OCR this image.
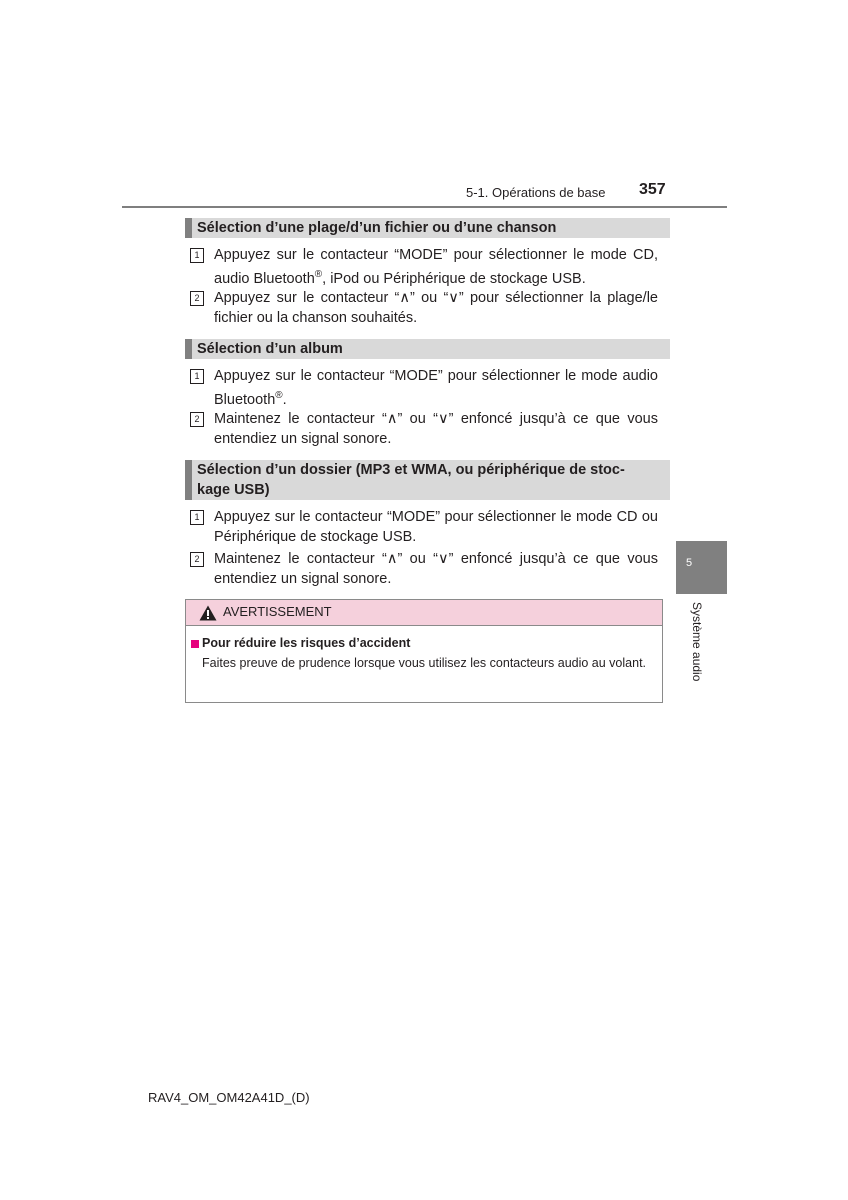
5-1. Opérations de base 357
Sélection d’une plage/d’un fichier ou d’une chanson
1	Appuyez sur le contacteur “MODE” pour sélectionner le mode CD, audio Bluetooth®, iPod ou Périphérique de stockage USB.
2	Appuyez sur le contacteur “∧” ou “∨” pour sélectionner la plage/le fichier ou la chanson souhaités.
Sélection d’un album
1	Appuyez sur le contacteur “MODE” pour sélectionner le mode audio Bluetooth®.
2	Maintenez le contacteur “∧” ou “∨” enfoncé jusqu’à ce que vous entendiez un signal sonore.
Sélection d’un dossier (MP3 et WMA, ou périphérique de stoc-
kage USB)
1	Appuyez sur le contacteur “MODE” pour sélectionner le mode CD ou Périphérique de stockage USB.
2	Maintenez le contacteur “∧” ou “∨” enfoncé jusqu’à ce que vous entendiez un signal sonore.
5
Système audio
AVERTISSEMENT
Pour réduire les risques d’accident
Faites preuve de prudence lorsque vous utilisez les contacteurs audio au volant.
RAV4_OM_OM42A41D_(D)
